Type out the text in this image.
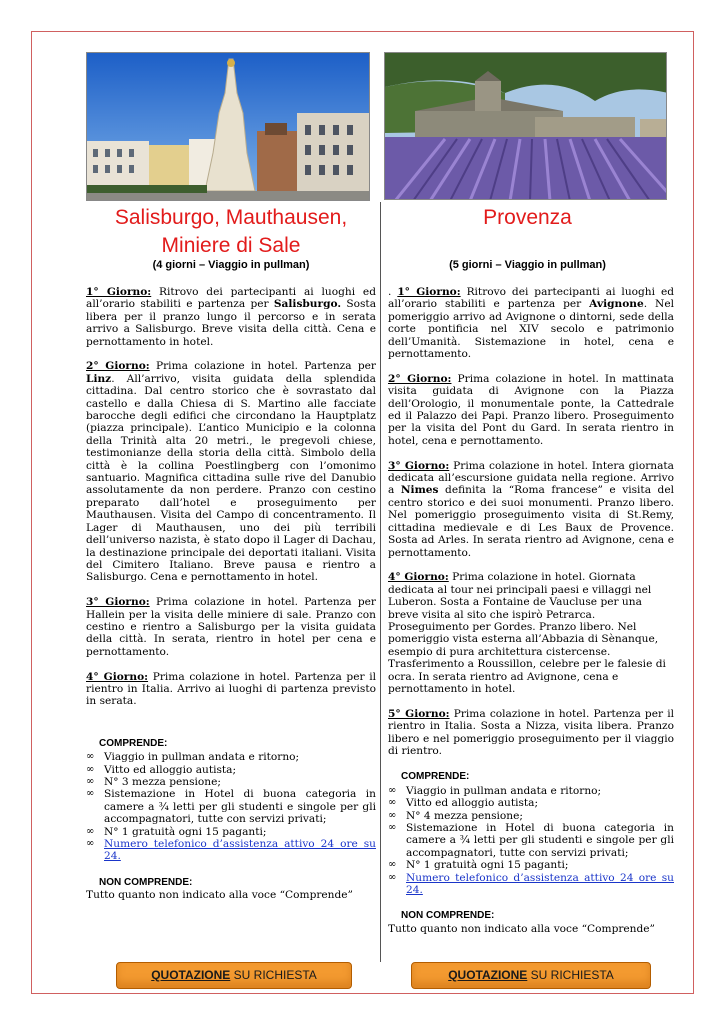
Salisburgo, Mauthausen,
Miniere di Sale
Provenza
(4 giorni – Viaggio in pullman)	(5 giorni – Viaggio in pullman)

1° Giorno: Ritrovo dei partecipanti ai luoghi ed all’orario stabiliti e partenza per Salisburgo. Sosta libera per il pranzo lungo il percorso e in serata arrivo a Salisburgo. Breve visita della città. Cena e pernottamento in hotel.

2° Giorno: Prima colazione in hotel. Partenza per Linz. All’arrivo, visita guidata della splendida cittadina. Dal centro storico che è sovrastato dal castello e dalla Chiesa di S. Martino alle facciate barocche degli edifici che circondano la Hauptplatz (piazza principale). L’antico Municipio e la colonna della Trinità alta 20 metri., le pregevoli chiese, testimonianze della storia della città. Simbolo della città è la collina Poestlingberg con l’omonimo santuario. Magnifica cittadina sulle rive del Danubio assolutamente da non perdere. Pranzo con cestino preparato dall’hotel e proseguimento per Mauthausen. Visita del Campo di concentramento. Il Lager di Mauthausen, uno dei più terribili dell’universo nazista, è stato dopo il Lager di Dachau, la destinazione principale dei deportati italiani. Visita del Cimitero Italiano. Breve pausa e rientro a Salisburgo. Cena e pernottamento in hotel.

3° Giorno: Prima colazione in hotel. Partenza per Hallein per la visita delle miniere di sale. Pranzo con cestino e rientro a Salisburgo per la visita guidata della città. In serata, rientro in hotel per cena e pernottamento.

4° Giorno: Prima colazione in hotel. Partenza per il rientro in Italia. Arrivo ai luoghi di partenza previsto in serata.

COMPRENDE:
∞ Viaggio in pullman andata e ritorno;
∞ Vitto ed alloggio autista;
∞ N° 3 mezza pensione;
∞ Sistemazione in Hotel di buona categoria in camere a ¾ letti per gli studenti e singole per gli accompagnatori, tutte con servizi privati;
∞ N° 1 gratuità ogni 15 paganti;
∞ Numero telefonico d’assistenza attivo 24 ore su 24.
NON COMPRENDE:
Tutto quanto non indicato alla voce “Comprende”

. 1° Giorno: Ritrovo dei partecipanti ai luoghi ed all’orario stabiliti e partenza per Avignone. Nel pomeriggio arrivo ad Avignone o dintorni, sede della corte pontificia nel XIV secolo e patrimonio dell’Umanità. Sistemazione in hotel, cena e pernottamento.

2° Giorno: Prima colazione in hotel. In mattinata visita guidata di Avignone con la Piazza dell’Orologio, il monumentale ponte, la Cattedrale ed il Palazzo dei Papi. Pranzo libero. Proseguimento per la visita del Pont du Gard. In serata rientro in hotel, cena e pernottamento.

3° Giorno: Prima colazione in hotel. Intera giornata dedicata all’escursione guidata nella regione. Arrivo a Nimes definita la “Roma francese” e visita del centro storico e dei suoi monumenti. Pranzo libero. Nel pomeriggio proseguimento visita di St.Remy, cittadina medievale e di Les Baux de Provence. Sosta ad Arles. In serata rientro ad Avignone, cena e pernottamento.

4° Giorno: Prima colazione in hotel. Giornata dedicata al tour nei principali paesi e villaggi nel Luberon. Sosta a Fontaine de Vaucluse per una breve visita al sito che ispirò Petrarca. Proseguimento per Gordes. Pranzo libero. Nel pomeriggio vista esterna all’Abbazia di Sènanque, esempio di pura architettura cistercense. Trasferimento a Roussillon, celebre per le falesie di ocra. In serata rientro ad Avignone, cena e pernottamento in hotel.

5° Giorno: Prima colazione in hotel. Partenza per il rientro in Italia. Sosta a Nizza, visita libera. Pranzo libero e nel pomeriggio proseguimento per il viaggio di rientro.

COMPRENDE:
∞ Viaggio in pullman andata e ritorno;
∞ Vitto ed alloggio autista;
∞ N° 4 mezza pensione;
∞ Sistemazione in Hotel di buona categoria in camere a ¾ letti per gli studenti e singole per gli accompagnatori, tutte con servizi privati;
∞ N° 1 gratuità ogni 15 paganti;
∞ Numero telefonico d’assistenza attivo 24 ore su 24.
NON COMPRENDE:
Tutto quanto non indicato alla voce “Comprende”
QUOTAZIONE SU RICHIESTA	QUOTAZIONE SU RICHIESTA
